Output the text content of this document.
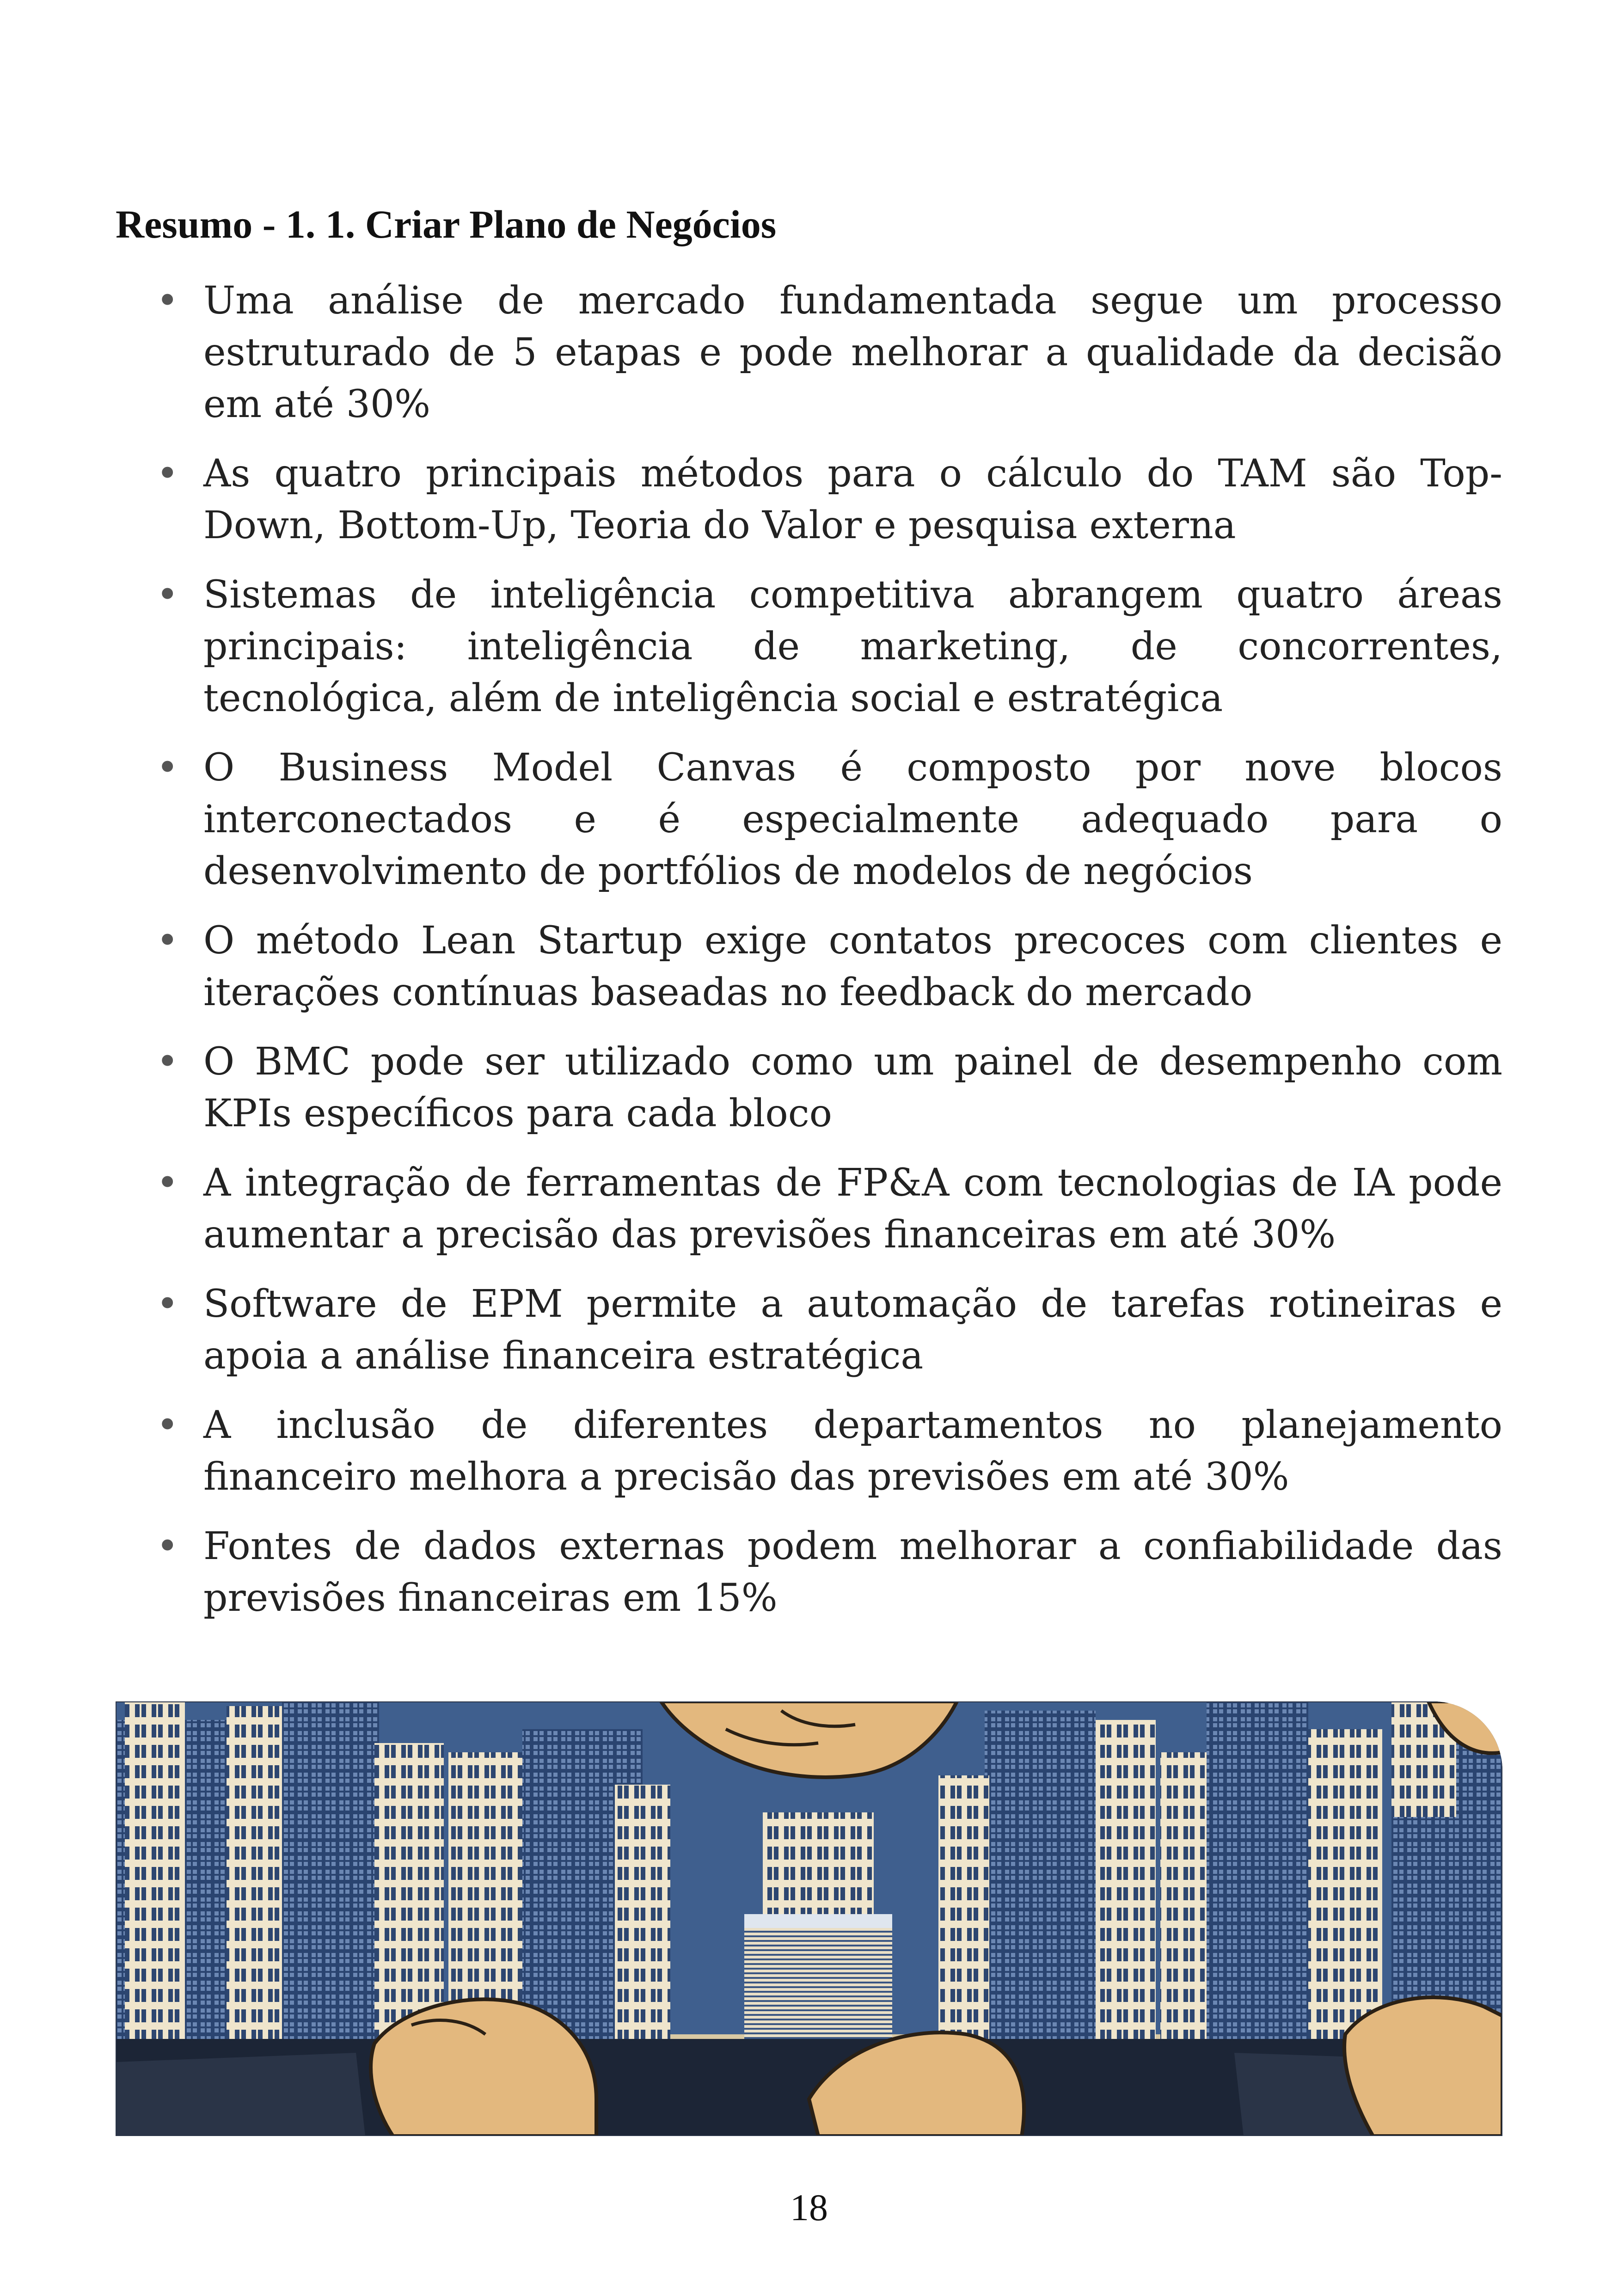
Resumo - 1. 1. Criar Plano de Negócios
• Uma análise de mercado fundamentada segue um processo estruturado de 5 etapas e pode melhorar a qualidade da decisão em até 30%
• As quatro principais métodos para o cálculo do TAM são Top-Down, Bottom-Up, Teoria do Valor e pesquisa externa
• Sistemas de inteligência competitiva abrangem quatro áreas principais: inteligência de marketing, de concorrentes, tecnológica, além de inteligência social e estratégica
• O Business Model Canvas é composto por nove blocos interconectados e é especialmente adequado para o desenvolvimento de portfólios de modelos de negócios
• O método Lean Startup exige contatos precoces com clientes e iterações contínuas baseadas no feedback do mercado
• O BMC pode ser utilizado como um painel de desempenho com KPIs específicos para cada bloco
• A integração de ferramentas de FP&A com tecnologias de IA pode aumentar a precisão das previsões financeiras em até 30%
• Software de EPM permite a automação de tarefas rotineiras e apoia a análise financeira estratégica
• A inclusão de diferentes departamentos no planejamento financeiro melhora a precisão das previsões em até 30%
• Fontes de dados externas podem melhorar a confiabilidade das previsões financeiras em 15%
18
